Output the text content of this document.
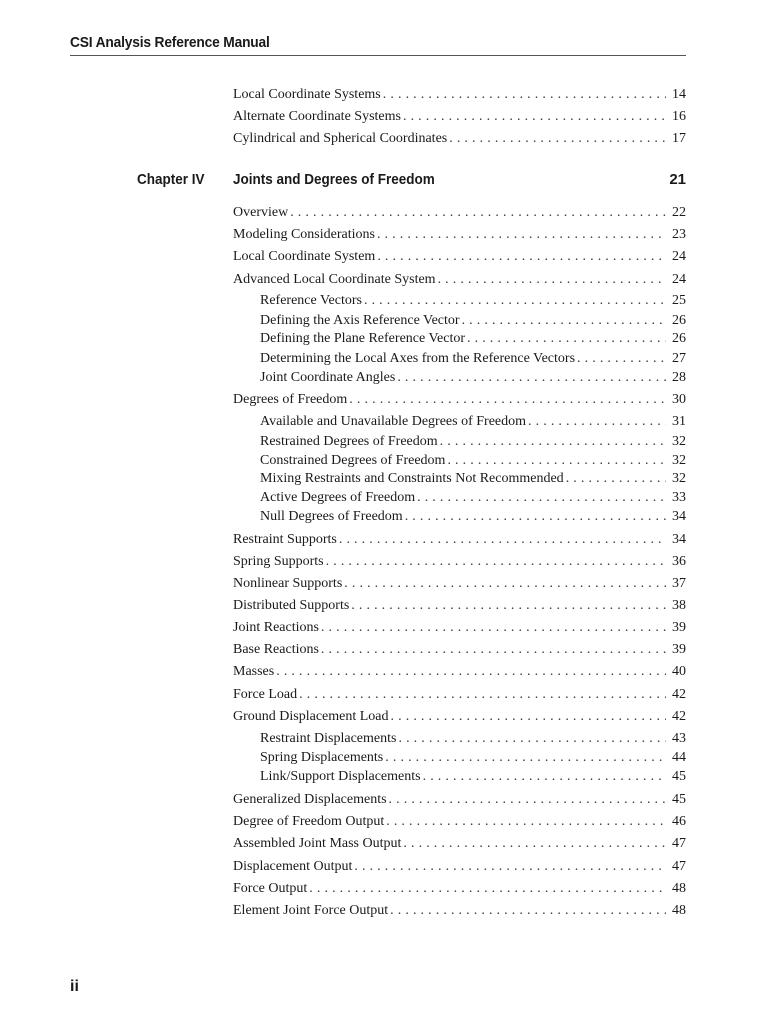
CSI Analysis Reference Manual
Local Coordinate Systems . . .	14
Alternate Coordinate Systems . . .	16
Cylindrical and Spherical Coordinates . . .	17
Chapter IV Joints and Degrees of Freedom	21
Overview . . .	22
Modeling Considerations . . .	23
Local Coordinate System . . .	24
Advanced Local Coordinate System . . .	24
Reference Vectors . . .	25
Defining the Axis Reference Vector . . .	26
Defining the Plane Reference Vector . . .	26
Determining the Local Axes from the Reference Vectors . . .	27
Joint Coordinate Angles . . .	28
Degrees of Freedom . . .	30
Available and Unavailable Degrees of Freedom . . .	31
Restrained Degrees of Freedom . . .	32
Constrained Degrees of Freedom . . .	32
Mixing Restraints and Constraints Not Recommended . . .	32
Active Degrees of Freedom . . .	33
Null Degrees of Freedom . . .	34
Restraint Supports . . .	34
Spring Supports . . .	36
Nonlinear Supports . . .	37
Distributed Supports . . .	38
Joint Reactions . . .	39
Base Reactions . . .	39
Masses . . .	40
Force Load . . .	42
Ground Displacement Load . . .	42
Restraint Displacements . . .	43
Spring Displacements . . .	44
Link/Support Displacements . . .	45
Generalized Displacements . . .	45
Degree of Freedom Output . . .	46
Assembled Joint Mass Output . . .	47
Displacement Output . . .	47
Force Output . . .	48
Element Joint Force Output . . .	48
ii
